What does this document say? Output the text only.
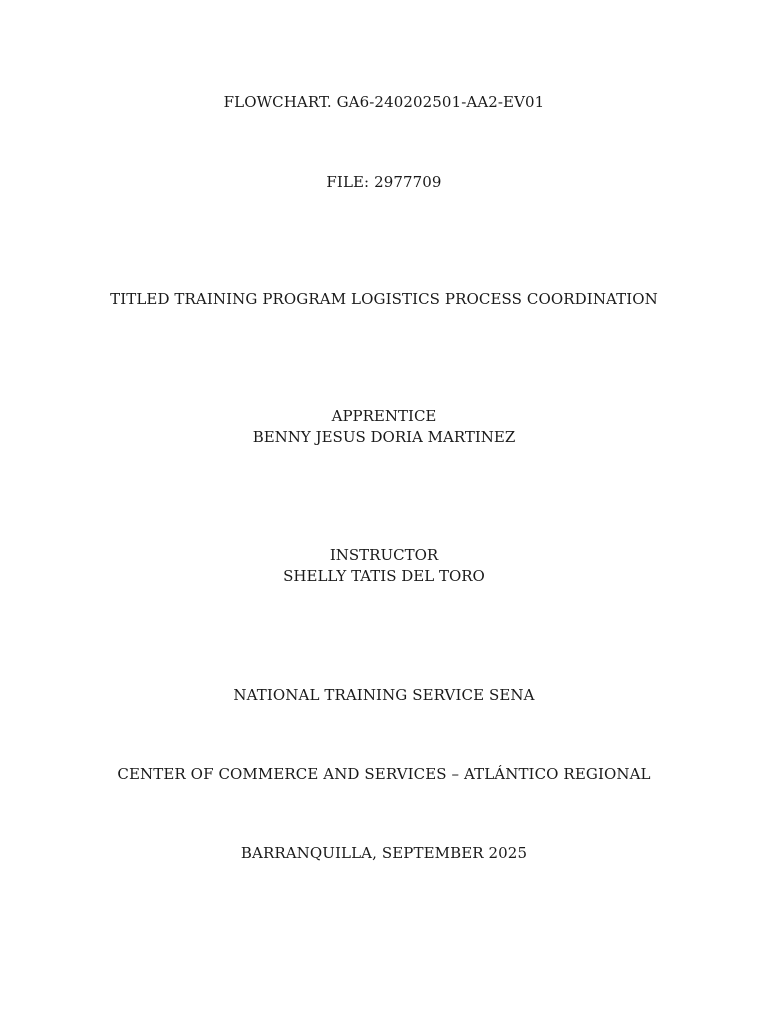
FLOWCHART. GA6-240202501-AA2-EV01
FILE: 2977709
TITLED TRAINING PROGRAM LOGISTICS PROCESS COORDINATION
APPRENTICE
BENNY JESUS DORIA MARTINEZ
INSTRUCTOR
SHELLY TATIS DEL TORO
NATIONAL TRAINING SERVICE SENA
CENTER OF COMMERCE AND SERVICES – ATLÁNTICO REGIONAL
BARRANQUILLA, SEPTEMBER 2025
